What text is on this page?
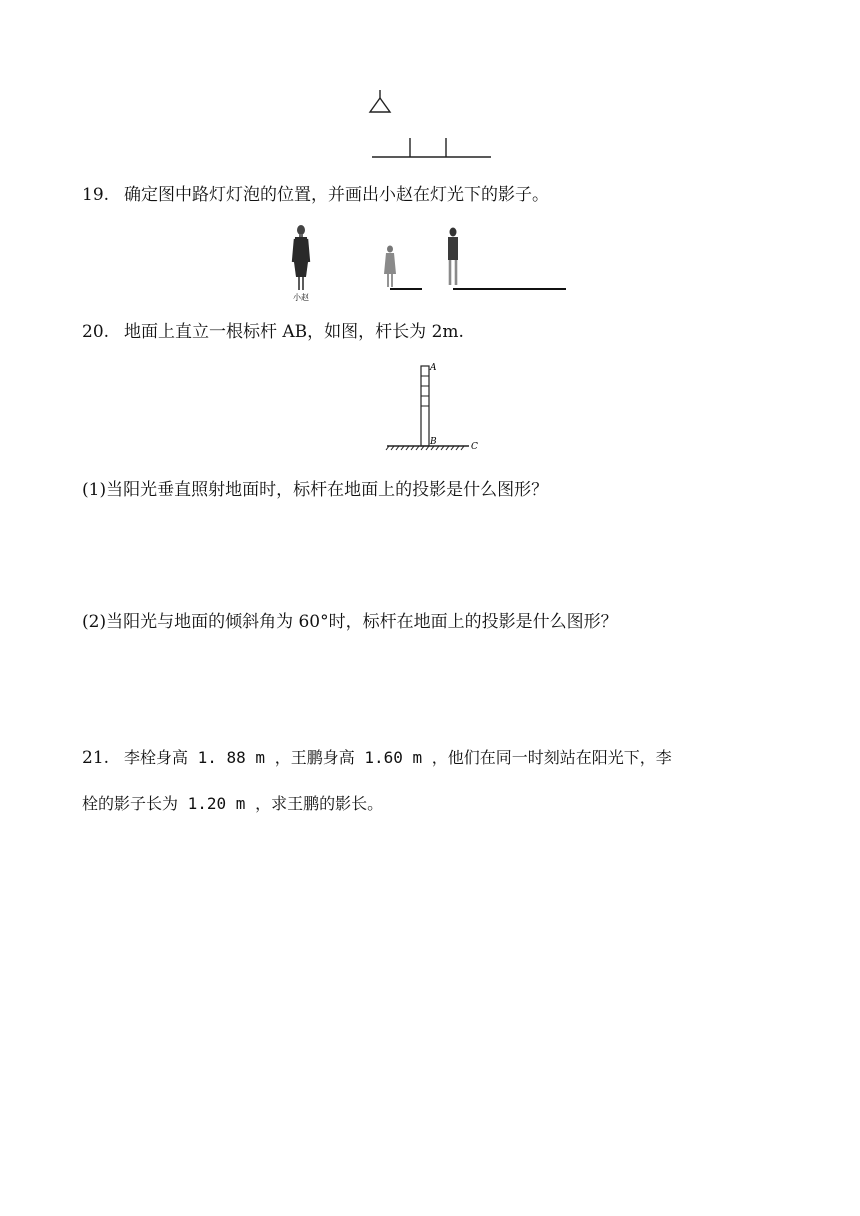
19. 确定图中路灯灯泡的位置，并画出小赵在灯光下的影子。
小赵
20. 地面上直立一根标杆 AB，如图，杆长为 2m.
A
B	C
(1)当阳光垂直照射地面时，标杆在地面上的投影是什么图形？
(2)当阳光与地面的倾斜角为 60°时，标杆在地面上的投影是什么图形？
21. 李栓身高 1. 88 m ，王鹏身高 1.60 m ，他们在同一时刻站在阳光下，李
栓的影子长为 1.20 m ，求王鹏的影长。
